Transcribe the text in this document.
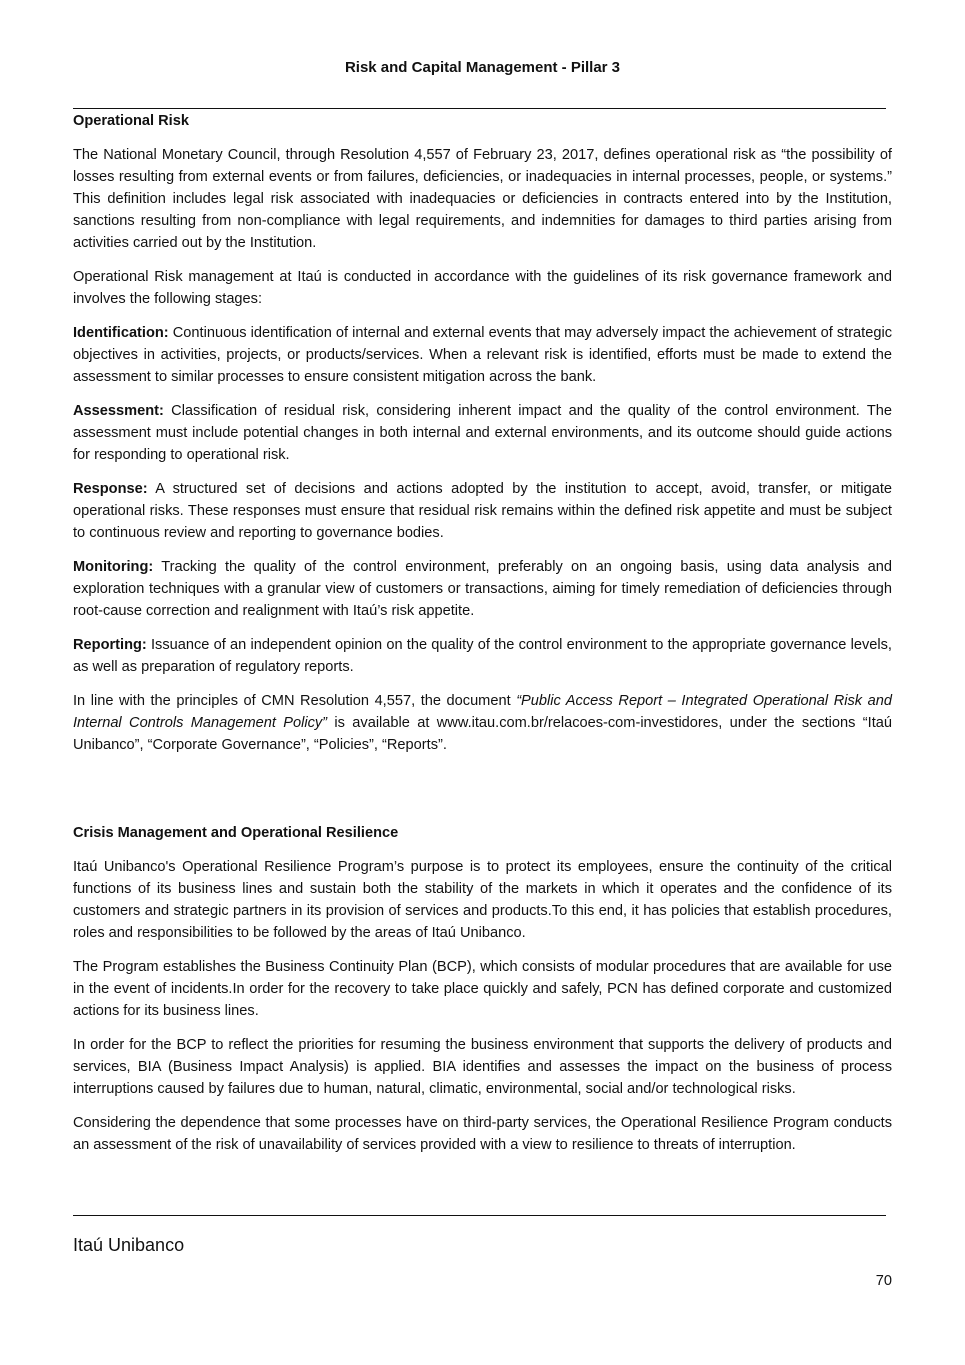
Risk and Capital Management - Pillar 3

Operational Risk

The National Monetary Council, through Resolution 4,557 of February 23, 2017, defines operational risk as “the possibility of losses resulting from external events or from failures, deficiencies, or inadequacies in internal processes, people, or systems.” This definition includes legal risk associated with inadequacies or deficiencies in contracts entered into by the Institution, sanctions resulting from non-compliance with legal requirements, and indemnities for damages to third parties arising from activities carried out by the Institution.

Operational Risk management at Itaú is conducted in accordance with the guidelines of its risk governance framework and involves the following stages:

Identification: Continuous identification of internal and external events that may adversely impact the achievement of strategic objectives in activities, projects, or products/services. When a relevant risk is identified, efforts must be made to extend the assessment to similar processes to ensure consistent mitigation across the bank.

Assessment: Classification of residual risk, considering inherent impact and the quality of the control environment. The assessment must include potential changes in both internal and external environments, and its outcome should guide actions for responding to operational risk.

Response: A structured set of decisions and actions adopted by the institution to accept, avoid, transfer, or mitigate operational risks. These responses must ensure that residual risk remains within the defined risk appetite and must be subject to continuous review and reporting to governance bodies.

Monitoring: Tracking the quality of the control environment, preferably on an ongoing basis, using data analysis and exploration techniques with a granular view of customers or transactions, aiming for timely remediation of deficiencies through root-cause correction and realignment with Itaú’s risk appetite.

Reporting: Issuance of an independent opinion on the quality of the control environment to the appropriate governance levels, as well as preparation of regulatory reports.

In line with the principles of CMN Resolution 4,557, the document “Public Access Report – Integrated Operational Risk and Internal Controls Management Policy” is available at www.itau.com.br/relacoes-com-investidores, under the sections “Itaú Unibanco”, “Corporate Governance”, “Policies”, “Reports”.

Crisis Management and Operational Resilience

Itaú Unibanco's Operational Resilience Program’s purpose is to protect its employees, ensure the continuity of the critical functions of its business lines and sustain both the stability of the markets in which it operates and the confidence of its customers and strategic partners in its provision of services and products.To this end, it has policies that establish procedures, roles and responsibilities to be followed by the areas of Itaú Unibanco.

The Program establishes the Business Continuity Plan (BCP), which consists of modular procedures that are available for use in the event of incidents.In order for the recovery to take place quickly and safely, PCN has defined corporate and customized actions for its business lines.

In order for the BCP to reflect the priorities for resuming the business environment that supports the delivery of products and services, BIA (Business Impact Analysis) is applied. BIA identifies and assesses the impact on the business of process interruptions caused by failures due to human, natural, climatic, environmental, social and/or technological risks.

Considering the dependence that some processes have on third-party services, the Operational Resilience Program conducts an assessment of the risk of unavailability of services provided with a view to resilience to threats of interruption.

Itaú Unibanco
70
